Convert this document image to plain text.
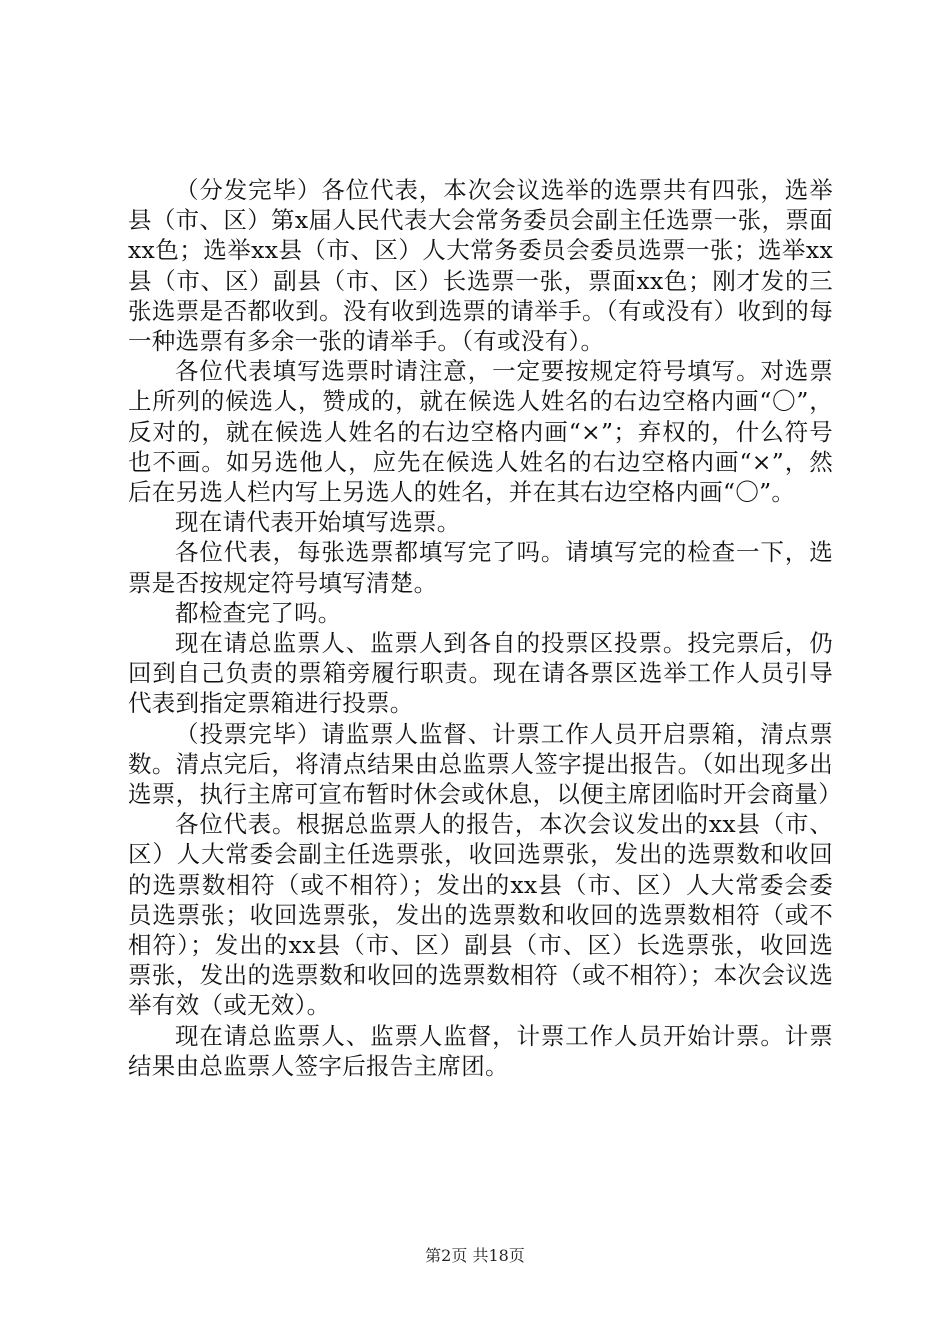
（分发完毕）各位代表，本次会议选举的选票共有四张，选举县（市、区）第x届人民代表大会常务委员会副主任选票一张，票面xx色；选举xx县（市、区）人大常务委员会委员选票一张；选举xx县（市、区）副县（市、区）长选票一张，票面xx色；刚才发的三张选票是否都收到。没有收到选票的请举手。（有或没有）收到的每一种选票有多余一张的请举手。（有或没有）。

各位代表填写选票时请注意，一定要按规定符号填写。对选票上所列的候选人，赞成的，就在候选人姓名的右边空格内画“〇”，反对的，就在候选人姓名的右边空格内画“×”；弃权的，什么符号也不画。如另选他人，应先在候选人姓名的右边空格内画“×”，然后在另选人栏内写上另选人的姓名，并在其右边空格内画“〇”。

现在请代表开始填写选票。

各位代表，每张选票都填写完了吗。请填写完的检查一下，选票是否按规定符号填写清楚。

都检查完了吗。

现在请总监票人、监票人到各自的投票区投票。投完票后，仍回到自己负责的票箱旁履行职责。现在请各票区选举工作人员引导代表到指定票箱进行投票。

（投票完毕）请监票人监督、计票工作人员开启票箱，清点票数。清点完后，将清点结果由总监票人签字提出报告。（如出现多出选票，执行主席可宣布暂时休会或休息，以便主席团临时开会商量）

各位代表。根据总监票人的报告，本次会议发出的xx县（市、区）人大常委会副主任选票张，收回选票张，发出的选票数和收回的选票数相符（或不相符）；发出的xx县（市、区）人大常委会委员选票张；收回选票张，发出的选票数和收回的选票数相符（或不相符）；发出的xx县（市、区）副县（市、区）长选票张，收回选票张，发出的选票数和收回的选票数相符（或不相符）；本次会议选举有效（或无效）。

现在请总监票人、监票人监督，计票工作人员开始计票。计票结果由总监票人签字后报告主席团。

第2页 共18页
